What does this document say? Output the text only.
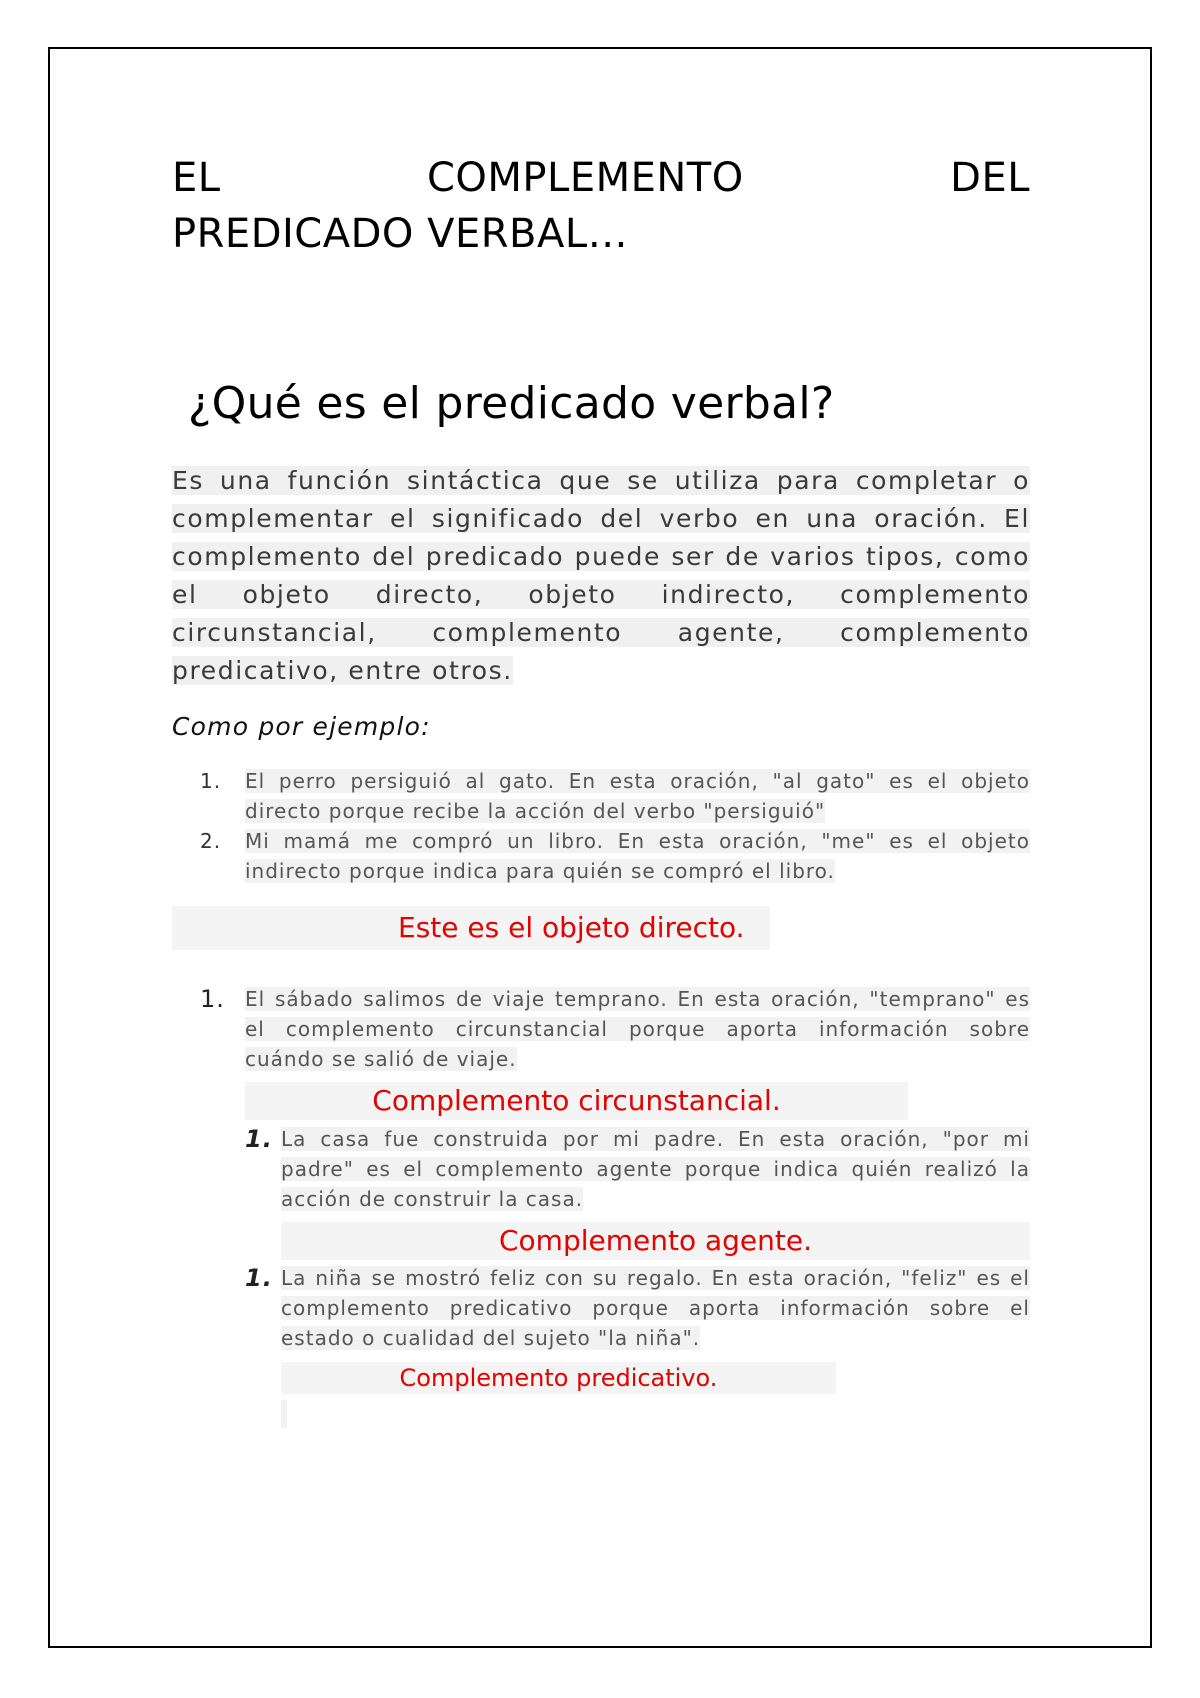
EL	COMPLEMENTO	DEL
PREDICADO VERBAL…
¿Qué es el predicado verbal?
Es una función sintáctica que se utiliza para completar o complementar el significado del verbo en una oración. El complemento del predicado puede ser de varios tipos, como el objeto directo, objeto indirecto, complemento circunstancial, complemento agente, complemento predicativo, entre otros.
Como por ejemplo:
1.	El perro persiguió al gato. En esta oración, "al gato" es el objeto directo porque recibe la acción del verbo "persiguió"
2.	Mi mamá me compró un libro. En esta oración, "me" es el objeto indirecto porque indica para quién se compró el libro.
Este es el objeto directo.
1.	El sábado salimos de viaje temprano. En esta oración, "temprano" es el complemento circunstancial porque aporta información sobre cuándo se salió de viaje.
Complemento circunstancial.
1. La casa fue construida por mi padre. En esta oración, "por mi padre" es el complemento agente porque indica quién realizó la acción de construir la casa.
Complemento agente.
1. La niña se mostró feliz con su regalo. En esta oración, "feliz" es el complemento predicativo porque aporta información sobre el estado o cualidad del sujeto "la niña".
Complemento predicativo.
